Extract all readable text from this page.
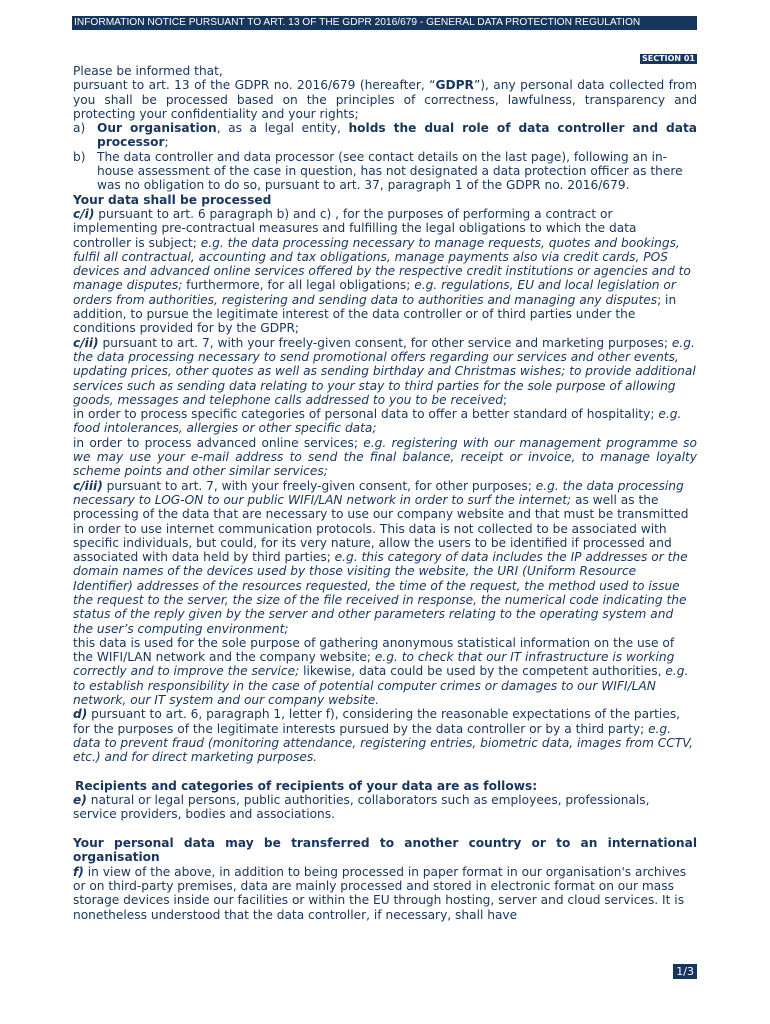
INFORMATION NOTICE PURSUANT TO ART. 13 OF THE GDPR 2016/679 - GENERAL DATA PROTECTION REGULATION
SECTION 01

Please be informed that,

pursuant to art. 13 of the GDPR no. 2016/679 (hereafter, “GDPR”), any personal data collected from you shall be processed based on the principles of correctness, lawfulness, transparency and protecting your confidentiality and your rights;

a) Our organisation, as a legal entity, holds the dual role of data controller and data processor;
b) The data controller and data processor (see contact details on the last page), following an in-house assessment of the case in question, has not designated a data protection officer as there was no obligation to do so, pursuant to art. 37, paragraph 1 of the GDPR no. 2016/679.

Your data shall be processed

c/i) pursuant to art. 6 paragraph b) and c) , for the purposes of performing a contract or implementing pre-contractual measures and fulfilling the legal obligations to which the data controller is subject; e.g. the data processing necessary to manage requests, quotes and bookings, fulfil all contractual, accounting and tax obligations, manage payments also via credit cards, POS devices and advanced online services offered by the respective credit institutions or agencies and to manage disputes; furthermore, for all legal obligations; e.g. regulations, EU and local legislation or orders from authorities, registering and sending data to authorities and managing any disputes; in addition, to pursue the legitimate interest of the data controller or of third parties under the conditions provided for by the GDPR;

c/ii) pursuant to art. 7, with your freely-given consent, for other service and marketing purposes; e.g. the data processing necessary to send promotional offers regarding our services and other events, updating prices, other quotes as well as sending birthday and Christmas wishes; to provide additional services such as sending data relating to your stay to third parties for the sole purpose of allowing goods, messages and telephone calls addressed to you to be received;

in order to process specific categories of personal data to offer a better standard of hospitality; e.g. food intolerances, allergies or other specific data;

in order to process advanced online services; e.g. registering with our management programme so we may use your e-mail address to send the final balance, receipt or invoice, to manage loyalty scheme points and other similar services;

c/iii) pursuant to art. 7, with your freely-given consent, for other purposes; e.g. the data processing necessary to LOG-ON to our public WIFI/LAN network in order to surf the internet; as well as the processing of the data that are necessary to use our company website and that must be transmitted in order to use internet communication protocols. This data is not collected to be associated with specific individuals, but could, for its very nature, allow the users to be identified if processed and associated with data held by third parties; e.g. this category of data includes the IP addresses or the domain names of the devices used by those visiting the website, the URI (Uniform Resource Identifier) addresses of the resources requested, the time of the request, the method used to issue the request to the server, the size of the file received in response, the numerical code indicating the status of the reply given by the server and other parameters relating to the operating system and the user’s computing environment;

this data is used for the sole purpose of gathering anonymous statistical information on the use of the WIFI/LAN network and the company website; e.g. to check that our IT infrastructure is working correctly and to improve the service; likewise, data could be used by the competent authorities, e.g. to establish responsibility in the case of potential computer crimes or damages to our WIFI/LAN network, our IT system and our company website.

d) pursuant to art. 6, paragraph 1, letter f), considering the reasonable expectations of the parties, for the purposes of the legitimate interests pursued by the data controller or by a third party; e.g. data to prevent fraud (monitoring attendance, registering entries, biometric data, images from CCTV, etc.) and for direct marketing purposes.

Recipients and categories of recipients of your data are as follows:

e) natural or legal persons, public authorities, collaborators such as employees, professionals, service providers, bodies and associations.

Your personal data may be transferred to another country or to an international organisation

f) in view of the above, in addition to being processed in paper format in our organisation's archives or on third-party premises, data are mainly processed and stored in electronic format on our mass storage devices inside our facilities or within the EU through hosting, server and cloud services. It is nonetheless understood that the data controller, if necessary, shall have

1/3
